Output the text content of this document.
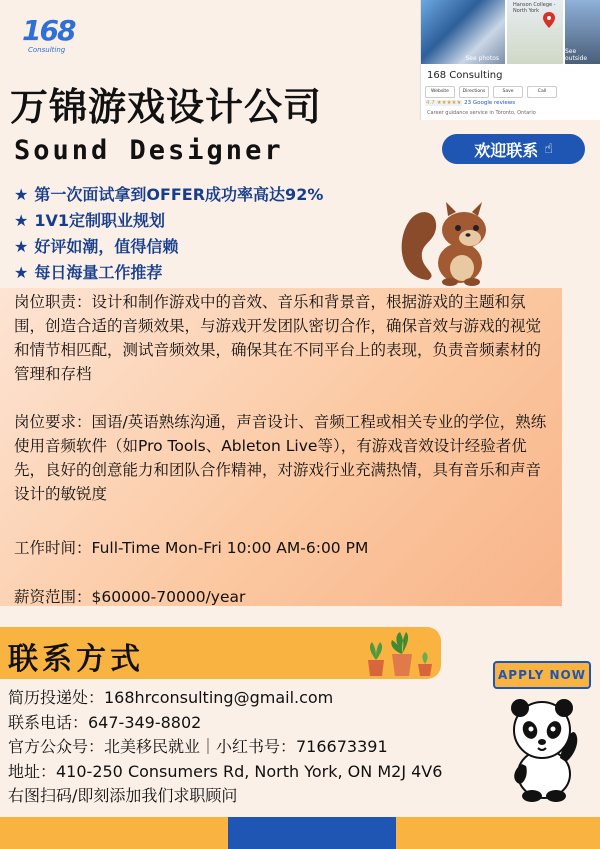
168
Consulting
See photos
Hanson College - North York
See outside
168 Consulting
Website	Directions	Save	Call
4.7 ★★★★★ 23 Google reviews
Career guidance service in Toronto, Ontario
万锦游戏设计公司
Sound Designer	欢迎联系 ☝
★ 第一次面试拿到OFFER成功率高达92%
★ 1V1定制职业规划
★ 好评如潮，值得信赖
★ 每日海量工作推荐
岗位职责：设计和制作游戏中的音效、音乐和背景音，根据游戏的主题和氛围，创造合适的音频效果，与游戏开发团队密切合作，确保音效与游戏的视觉和情节相匹配，测试音频效果，确保其在不同平台上的表现，负责音频素材的管理和存档
岗位要求：国语/英语熟练沟通，声音设计、音频工程或相关专业的学位，熟练使用音频软件（如Pro Tools、Ableton Live等），有游戏音效设计经验者优先，良好的创意能力和团队合作精神，对游戏行业充满热情，具有音乐和声音设计的敏锐度
工作时间：Full-Time Mon-Fri 10:00 AM-6:00 PM
薪资范围：$60000-70000/year
联系方式
简历投递处：168hrconsulting@gmail.com
联系电话：647-349-8802
官方公众号：北美移民就业｜小红书号：716673391
地址：410-250 Consumers Rd, North York, ON M2J 4V6
右图扫码/即刻添加我们求职顾问
APPLY NOW
